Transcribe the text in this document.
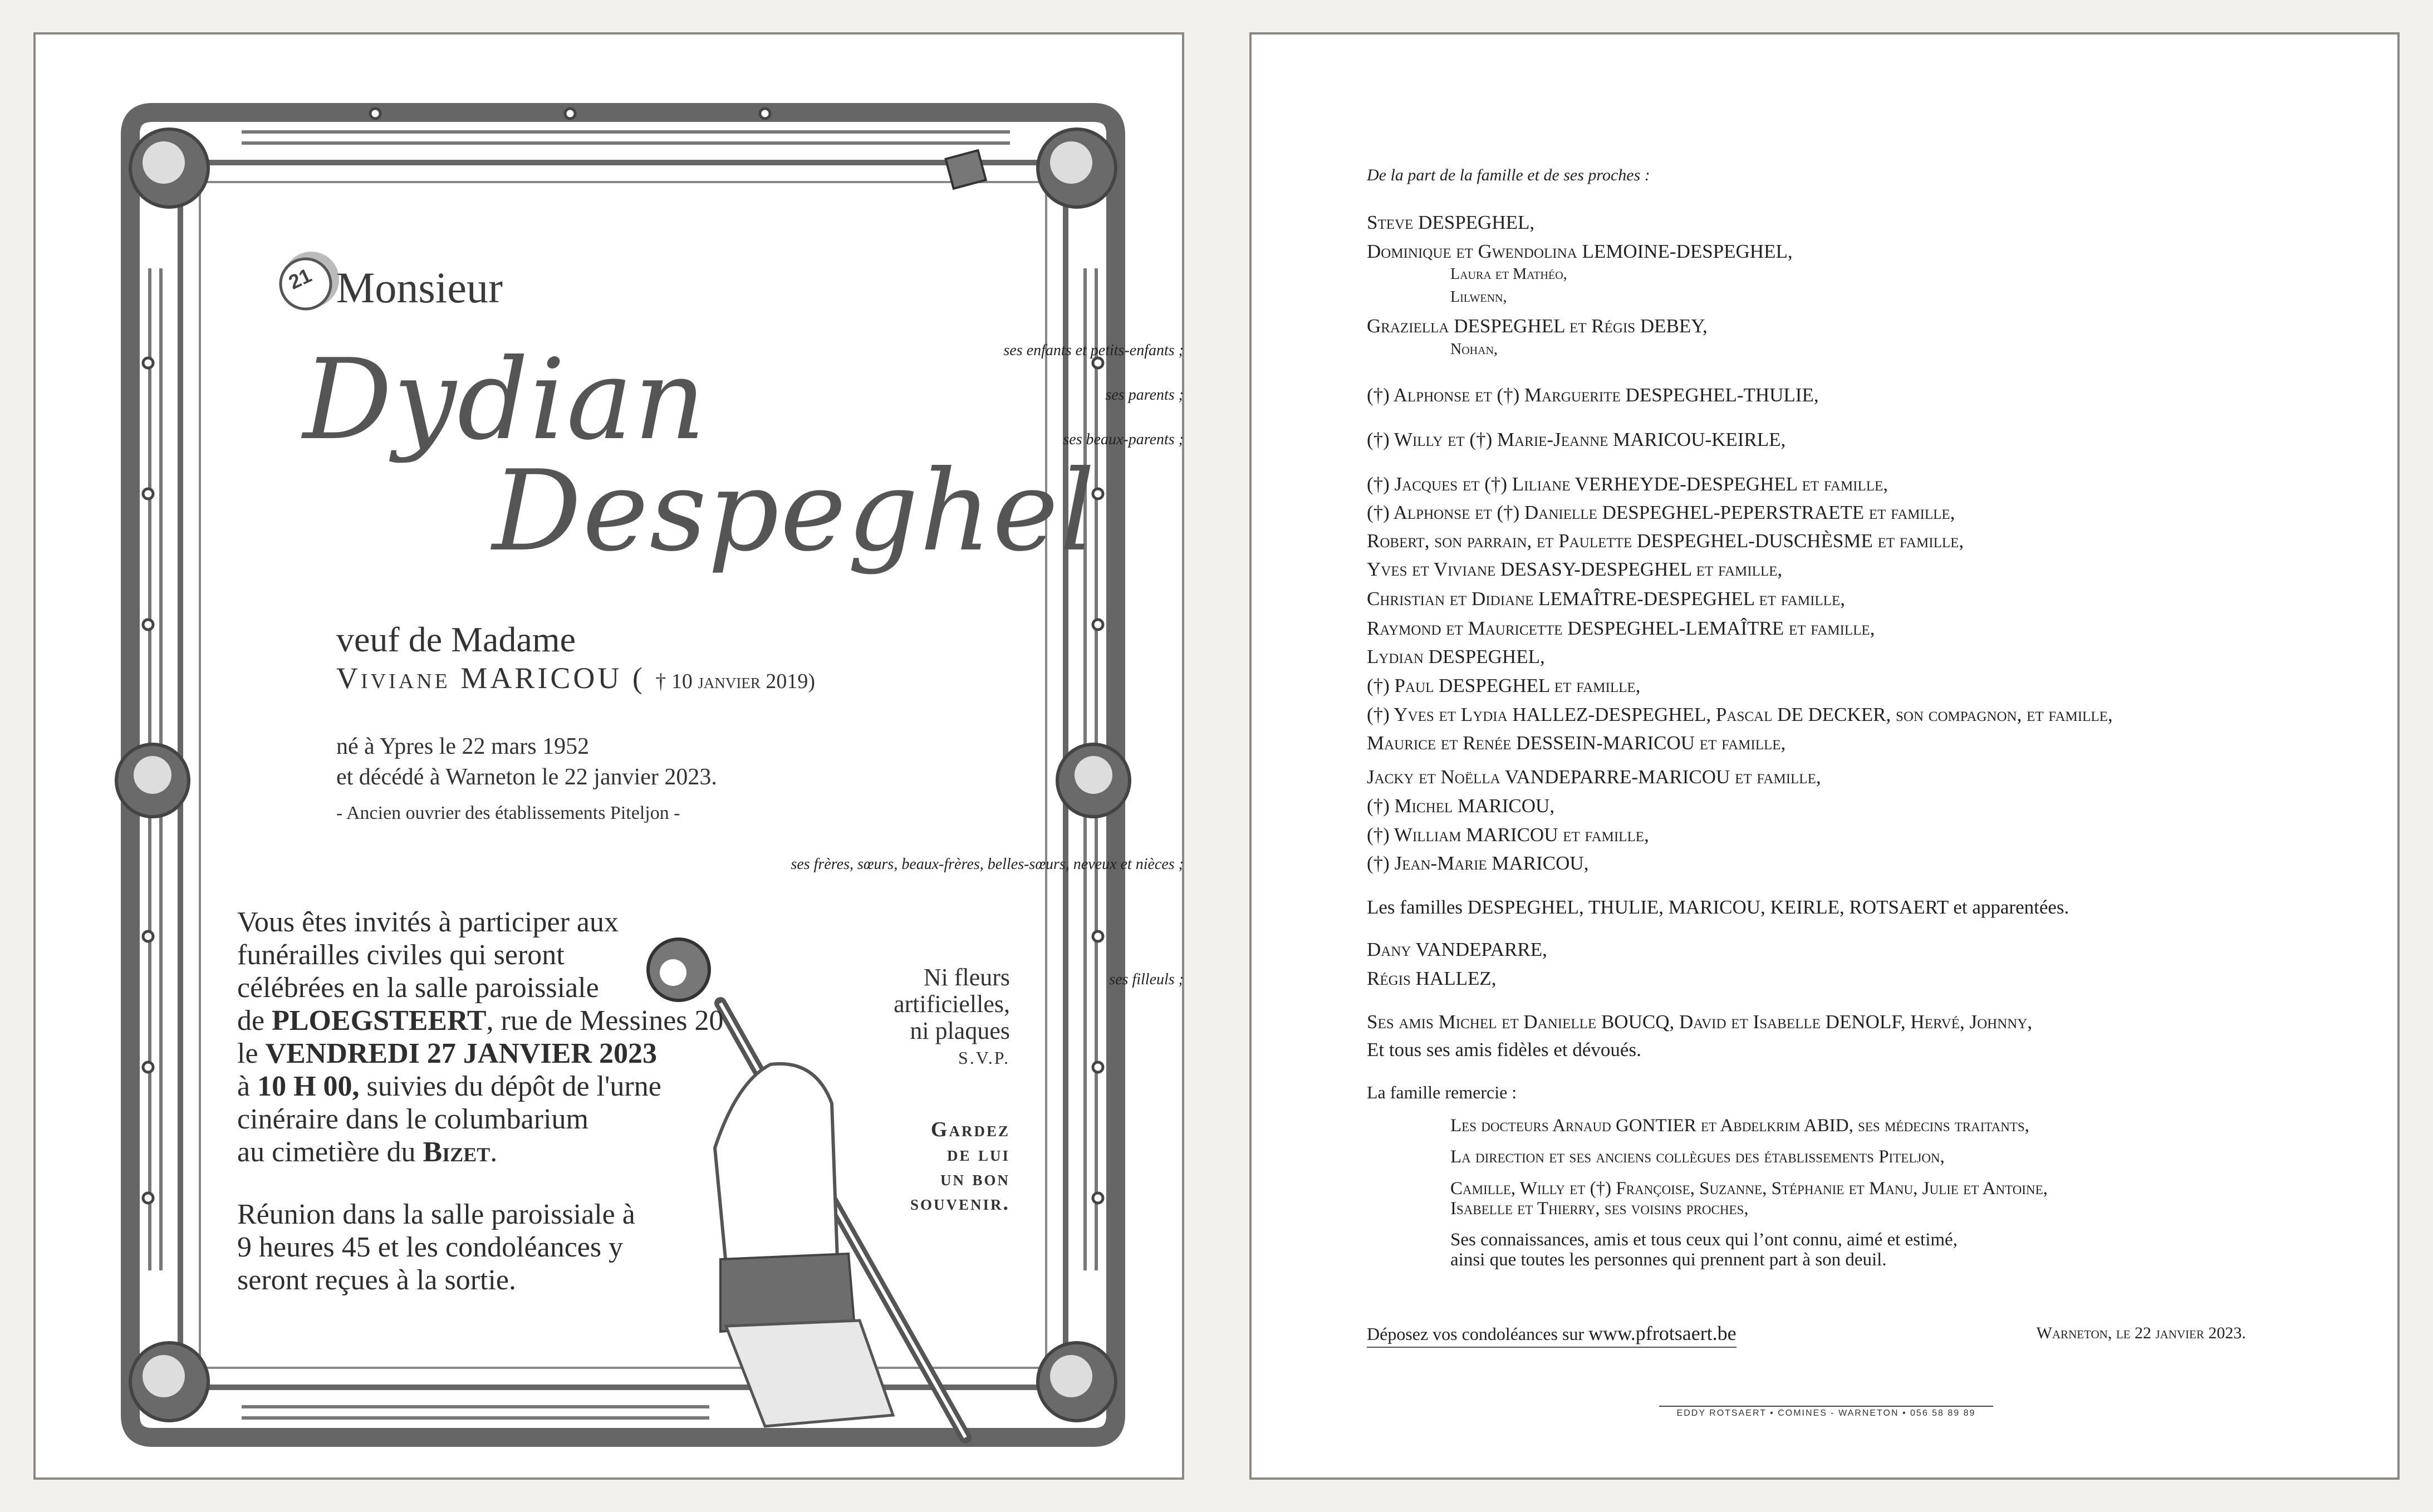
21 Monsieur
Dydian
Despeghel
veuf de Madame
Viviane MARICOU ( † 10 janvier 2019)
né à Ypres le 22 mars 1952
et décédé à Warneton le 22 janvier 2023.
- Ancien ouvrier des établissements Piteljon -
Vous êtes invités à participer aux
funérailles civiles qui seront
célébrées en la salle paroissiale
de PLOEGSTEERT, rue de Messines 20
le VENDREDI 27 JANVIER 2023
à 10 H 00, suivies du dépôt de l'urne
cinéraire dans le columbarium
au cimetière du Bizet.
Réunion dans la salle paroissiale à
9 heures 45 et les condoléances y
seront reçues à la sortie.
Ni fleurs
artificielles,
ni plaques
S.V.P.
Gardez
de lui
un bon
souvenir.
De la part de la famille et de ses proches :
Steve DESPEGHEL,
Dominique et Gwendolina LEMOINE-DESPEGHEL,
Laura et Mathéo,
Lilwenn,
Graziella DESPEGHEL et Régis DEBEY,
Nohan,
ses enfants et petits-enfants ;
(†) Alphonse et (†) Marguerite DESPEGHEL-THULIE,
ses parents ;
(†) Willy et (†) Marie-Jeanne MARICOU-KEIRLE,
ses beaux-parents ;
(†) Jacques et (†) Liliane VERHEYDE-DESPEGHEL et famille,
(†) Alphonse et (†) Danielle DESPEGHEL-PEPERSTRAETE et famille,
Robert, son parrain, et Paulette DESPEGHEL-DUSCHÈSME et famille,
Yves et Viviane DESASY-DESPEGHEL et famille,
Christian et Didiane LEMAÎTRE-DESPEGHEL et famille,
Raymond et Mauricette DESPEGHEL-LEMAÎTRE et famille,
Lydian DESPEGHEL,
(†) Paul DESPEGHEL et famille,
(†) Yves et Lydia HALLEZ-DESPEGHEL, Pascal DE DECKER, son compagnon, et famille,
Maurice et Renée DESSEIN-MARICOU et famille,
Jacky et Noëlla VANDEPARRE-MARICOU et famille,
(†) Michel MARICOU,
(†) William MARICOU et famille,
(†) Jean-Marie MARICOU,
ses frères, sœurs, beaux-frères, belles-sœurs, neveux et nièces ;
Les familles DESPEGHEL, THULIE, MARICOU, KEIRLE, ROTSAERT et apparentées.
Dany VANDEPARRE,
Régis HALLEZ,
ses filleuls ;
Ses amis Michel et Danielle BOUCQ, David et Isabelle DENOLF, Hervé, Johnny,
Et tous ses amis fidèles et dévoués.
La famille remercie :
Les docteurs Arnaud GONTIER et Abdelkrim ABID, ses médecins traitants,
La direction et ses anciens collègues des établissements Piteljon,
Camille, Willy et (†) Françoise, Suzanne, Stéphanie et Manu, Julie et Antoine,
Isabelle et Thierry, ses voisins proches,
Ses connaissances, amis et tous ceux qui l’ont connu, aimé et estimé,
ainsi que toutes les personnes qui prennent part à son deuil.
Déposez vos condoléances sur www.pfrotsaert.be	Warneton, le 22 janvier 2023.
EDDY ROTSAERT • COMINES - WARNETON • 056 58 89 89
